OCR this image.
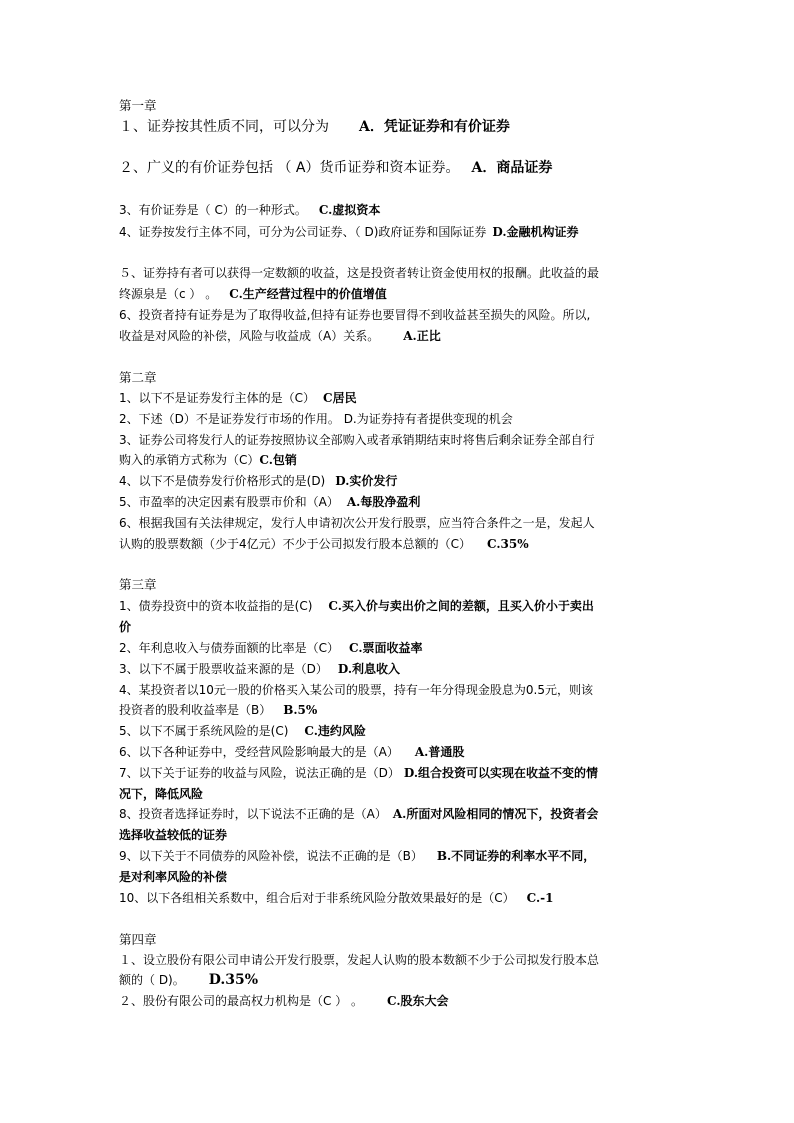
第一章
１、证券按其性质不同，可以分为 A．凭证证券和有价证券
２、广义的有价证券包括 （ A）货币证券和资本证券。 A．商品证券
3、有价证券是（ C）的一种形式。 C.虚拟资本
4、证券按发行主体不同，可分为公司证券、（ D)政府证券和国际证券 D.金融机构证券
５、证券持有者可以获得一定数额的收益，这是投资者转让资金使用权的报酬。此收益的最
终源泉是（c ） 。 C.生产经营过程中的价值增值
6、投资者持有证券是为了取得收益,但持有证券也要冒得不到收益甚至损失的风险。所以,
收益是对风险的补偿，风险与收益成（A）关系。 A.正比
第二章
1、以下不是证券发行主体的是（C） C居民
2、下述（D）不是证券发行市场的作用。 D.为证券持有者提供变现的机会
3、证券公司将发行人的证券按照协议全部购入或者承销期结束时将售后剩余证券全部自行
购入的承销方式称为（C）C.包销
4、以下不是债券发行价格形式的是(D) D.实价发行
5、市盈率的决定因素有股票市价和（A） A.每股净盈利
6、根据我国有关法律规定，发行人申请初次公开发行股票，应当符合条件之一是，发起人
认购的股票数额（少于4亿元）不少于公司拟发行股本总额的（C） C.35%
第三章
1、债券投资中的资本收益指的是(C) C.买入价与卖出价之间的差额，且买入价小于卖出
价
2、年利息收入与债券面额的比率是（C） C.票面收益率
3、以下不属于股票收益来源的是（D） D.利息收入
4、某投资者以10元一股的价格买入某公司的股票，持有一年分得现金股息为0.5元，则该
投资者的股利收益率是（B） B.5%
5、以下不属于系统风险的是(C) C.违约风险
6、以下各种证券中，受经营风险影响最大的是（A） A.普通股
7、以下关于证券的收益与风险，说法正确的是（D） D.组合投资可以实现在收益不变的情
况下，降低风险
8、投资者选择证券时，以下说法不正确的是（A） A.所面对风险相同的情况下，投资者会
选择收益较低的证券
9、以下关于不同债券的风险补偿，说法不正确的是（B） B.不同证券的利率水平不同，
是对利率风险的补偿
10、以下各组相关系数中，组合后对于非系统风险分散效果最好的是（C） C.-1
第四章
１、设立股份有限公司申请公开发行股票，发起人认购的股本数额不少于公司拟发行股本总
额的（ D)。 D.35%
２、股份有限公司的最高权力机构是（C ） 。 C.股东大会
